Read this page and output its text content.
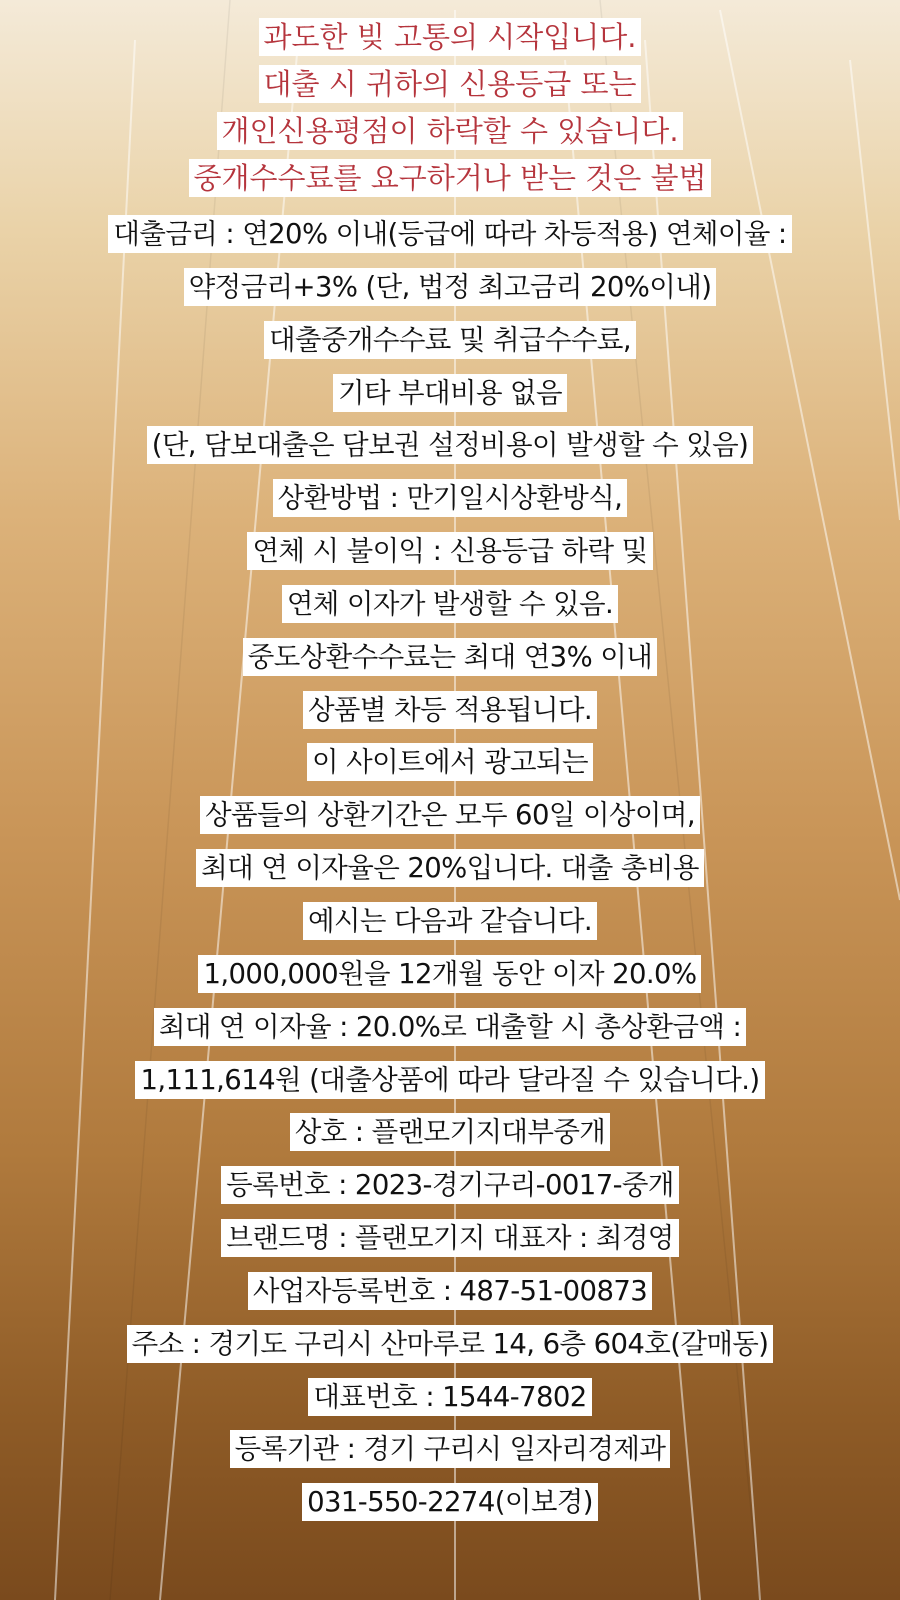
과도한 빚 고통의 시작입니다.
대출 시 귀하의 신용등급 또는
개인신용평점이 하락할 수 있습니다.
중개수수료를 요구하거나 받는 것은 불법
대출금리 : 연20% 이내(등급에 따라 차등적용) 연체이율 :
약정금리+3% (단, 법정 최고금리 20%이내)
대출중개수수료 및 취급수수료,
기타 부대비용 없음
(단, 담보대출은 담보권 설정비용이 발생할 수 있음)
상환방법 : 만기일시상환방식,
연체 시 불이익 : 신용등급 하락 및
연체 이자가 발생할 수 있음.
중도상환수수료는 최대 연3% 이내
상품별 차등 적용됩니다.
이 사이트에서 광고되는
상품들의 상환기간은 모두 60일 이상이며,
최대 연 이자율은 20%입니다. 대출 총비용
예시는 다음과 같습니다.
1,000,000원을 12개월 동안 이자 20.0%
최대 연 이자율 : 20.0%로 대출할 시 총상환금액 :
1,111,614원 (대출상품에 따라 달라질 수 있습니다.)
상호 : 플랜모기지대부중개
등록번호 : 2023-경기구리-0017-중개
브랜드명 : 플랜모기지 대표자 : 최경영
사업자등록번호 : 487-51-00873
주소 : 경기도 구리시 산마루로 14, 6층 604호(갈매동)
대표번호 : 1544-7802
등록기관 : 경기 구리시 일자리경제과
031-550-2274(이보경)
